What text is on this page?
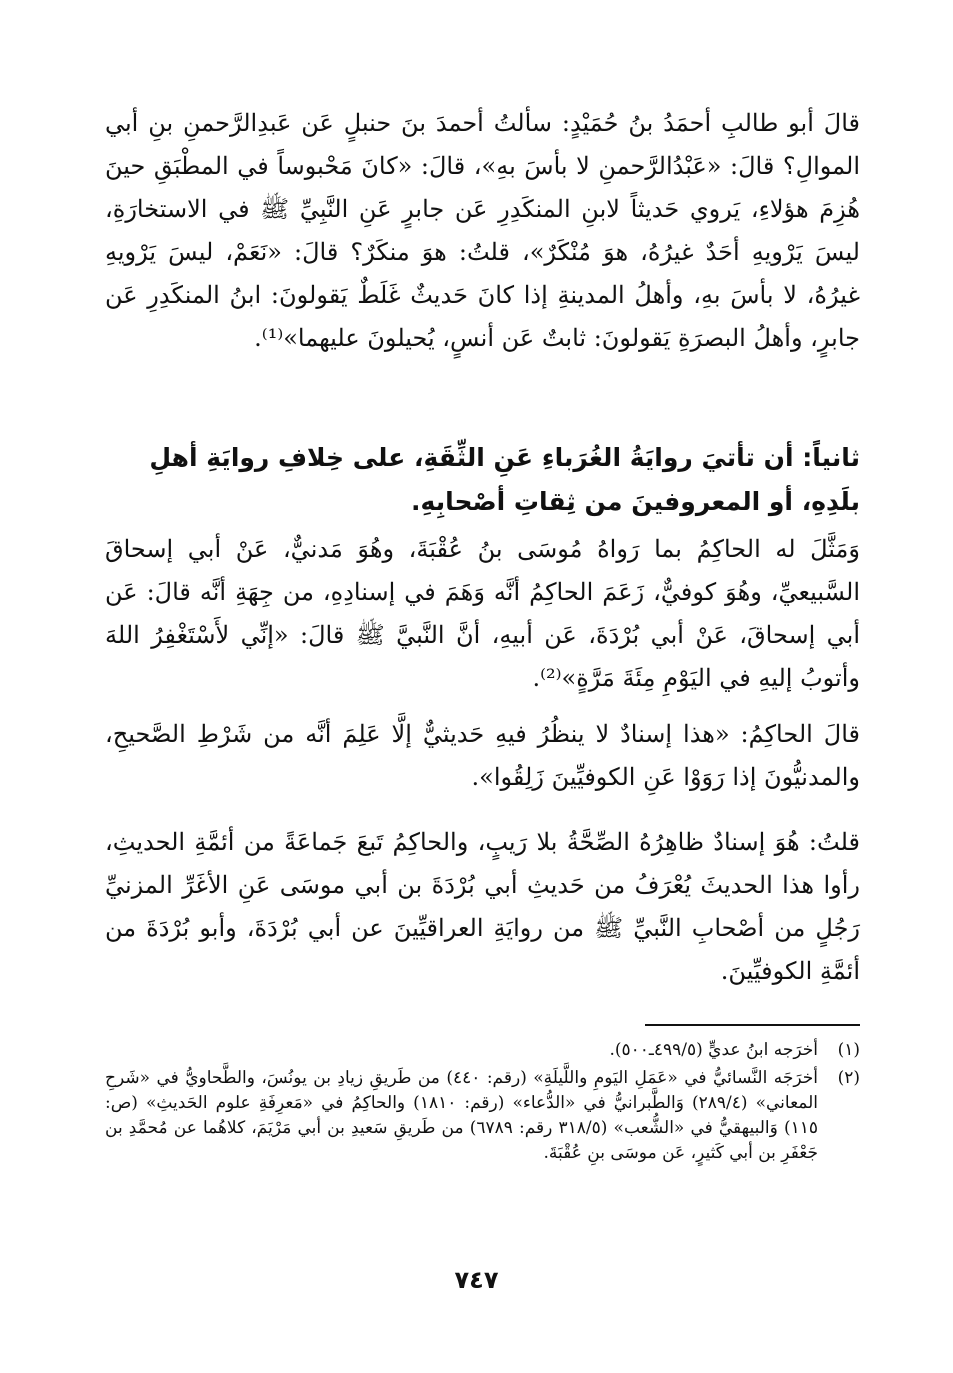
قالَ أبو طالبِ أحمَدُ بنُ حُمَيْدٍ: سألتُ أحمدَ بنَ حنبلٍ عَن عَبدِالرَّحمنِ بنِ أبي الموالِ؟ قالَ: «عَبْدُالرَّحمنِ لا بأسَ بهِ»، قالَ: «كانَ مَحْبوساً في المطْبَقِ حينَ هُزِمَ هؤلاءِ، يَروي حَديثاً لابنِ المنكَدِرِ عَن جابرٍ عَنِ النَّبِيِّ ﷺ في الاستخارَةِ، ليسَ يَرْويهِ أحَدٌ غيرُهُ، هوَ مُنْكَرٌ»، قلتُ: هوَ منكَرٌ؟ قالَ: «نَعَمْ، ليسَ يَرْويهِ غيرُهُ، لا بأسَ بهِ، وأهلُ المدينةِ إذا كانَ حَديثٌ غَلَطٌ يَقولونَ: ابنُ المنكَدِرِ عَن جابرٍ، وأهلُ البصرَةِ يَقولونَ: ثابتٌ عَن أنسٍ، يُحيلونَ عليهما»⁽¹⁾.

ثانياً: أن تأتيَ روايَةُ الغُرَباءِ عَنِ الثِّقَةِ، على خِلافِ روايَةِ أهلِ بلَدِهِ، أو المعروفينَ من ثِقاتِ أصْحابِهِ.

وَمَثَّلَ له الحاكِمُ بما رَواهُ مُوسَى بنُ عُقْبَةَ، وهُوَ مَدنيٌّ، عَنْ أبي إسحاقَ السَّبيعيِّ، وهُوَ كوفيٌّ، زَعَمَ الحاكِمُ أنَّه وَهَمَ في إسنادِهِ، من جِهَةِ أنَّه قالَ: عَن أبي إسحاقَ، عَنْ أبي بُرْدَةَ، عَن أبيهِ، أنَّ النَّبيَّ ﷺ قالَ: «إنِّي لأَسْتَغْفِرُ اللهَ وأتوبُ إليهِ في اليَوْمِ مِئَةَ مَرَّةٍ»⁽²⁾.

قالَ الحاكِمُ: «هذا إسنادٌ لا ينظُرُ فيهِ حَديثيٌّ إلَّا عَلِمَ أنَّه من شَرْطِ الصَّحيحِ، والمدنيُّونَ إذا رَوَوْا عَنِ الكوفيِّينَ زَلِقُوا».

قلتُ: هُوَ إسنادٌ ظاهِرُهُ الصِّحَّةُ بلا رَيبٍ، والحاكِمُ تَبعَ جَماعَةً من أئمَّةِ الحديثِ، رأوا هذا الحديثَ يُعْرَفُ من حَديثِ أبي بُرْدَةَ بن أبي موسَى عَنِ الأغَرِّ المزنيِّ رَجُلٍ من أصْحابِ النَّبيِّ ﷺ من روايَةِ العراقيِّينَ عن أبي بُرْدَةَ، وأبو بُرْدَةَ من أئمَّةِ الكوفيِّينَ.

(١)
أخرَجه ابنُ عديٍّ (٤٩٩/٥ـ٥٠٠).
(٢)
أخرَجَه النَّسائيُّ في «عَمَلِ اليَومِ واللَّيلَةِ» (رقم: ٤٤٠) من طَريقِ زيادِ بن يونُسَ، والطَّحاويُّ في «شَرحِ المعاني» (٢٨٩/٤) وَالطَّبرانيُّ في «الدُّعاء» (رقم: ١٨١٠) والحاكِمُ في «مَعرِفَةِ علوم الحَديثِ» (ص: ١١٥) وَالبيهقيُّ في «الشُّعب» (٣١٨/٥ رقم: ٦٧٨٩) من طَريقِ سَعيدِ بن أبي مَرْيَمَ، كلاهُما عن مُحمَّدِ بن جَعْفَرِ بن أبي كَثيرٍ، عَن موسَى بنِ عُقْبَةَ.
٧٤٧
